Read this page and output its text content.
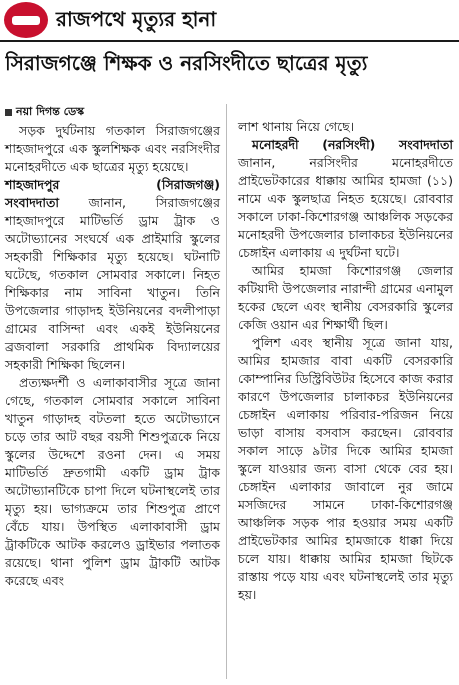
রাজপথে মৃত্যুর হানা
সিরাজগঞ্জে শিক্ষক ও নরসিংদীতে ছাত্রের মৃত্যু
নয়া দিগন্ত ডেস্ক

সড়ক দুর্ঘটনায় গতকাল সিরাজগঞ্জের শাহজাদপুরে এক স্কুলশিক্ষক এবং নরসিংদীর মনোহরদীতে এক ছাত্রের মৃত্যু হয়েছে।

শাহজাদপুর	(সিরাজগঞ্জ)

সংবাদদাতা জানান, সিরাজগঞ্জের শাহজাদপুরে মাটিভর্তি ড্রাম ট্রাক ও অটোভ্যানের সংঘর্ষে এক প্রাইমারি স্কুলের সহকারী শিক্ষিকার মৃত্যু হয়েছে। ঘটনাটি ঘটেছে, গতকাল সোমবার সকালে। নিহত শিক্ষিকার নাম সাবিনা খাতুন। তিনি উপজেলার গাড়াদহ ইউনিয়নের বদলীপাড়া গ্রামের বাসিন্দা এবং একই ইউনিয়নের ব্রজবালা সরকারি প্রাথমিক বিদ্যালয়ের সহকারী শিক্ষিকা ছিলেন।

প্রত্যক্ষদর্শী ও এলাকাবাসীর সূত্রে জানা গেছে, গতকাল সোমবার সকালে সাবিনা খাতুন গাড়াদহ বটতলা হতে অটোভ্যানে চড়ে তার আট বছর বয়সী শিশুপুত্রকে নিয়ে স্কুলের উদ্দেশে রওনা দেন। এ সময় মাটিভর্তি দ্রুতগামী একটি ড্রাম ট্রাক অটোভ্যানটিকে চাপা দিলে ঘটনাস্থলেই তার মৃত্যু হয়। ভাগ্যক্রমে তার শিশুপুত্র প্রাণে বেঁচে যায়। উপস্থিত এলাকাবাসী ড্রাম ট্রাকটিকে আটক করলেও ড্রাইভার পলাতক রয়েছে। থানা পুলিশ ড্রাম ট্রাকটি আটক করেছে এবং

লাশ থানায় নিয়ে গেছে।

মনোহরদী (নরসিংদী) সংবাদদাতা জানান, নরসিংদীর মনোহরদীতে প্রাইভেটকারের ধাক্কায় আমির হামজা (১১) নামে এক স্কুলছাত্র নিহত হয়েছে। রোববার সকালে ঢাকা-কিশোরগঞ্জ আঞ্চলিক সড়কের মনোহরদী উপজেলার চালাকচর ইউনিয়নের চেঙ্গাইন এলাকায় এ দুর্ঘটনা ঘটে।

আমির হামজা কিশোরগঞ্জ জেলার কটিয়াদী উপজেলার নারান্দী গ্রামের এনামুল হকের ছেলে এবং স্থানীয় বেসরকারি স্কুলের কেজি ওয়ান এর শিক্ষার্থী ছিল।

পুলিশ এবং স্থানীয় সূত্রে জানা যায়, আমির হামজার বাবা একটি বেসরকারি কোম্পানির ডিস্ট্রিবিউটর হিসেবে কাজ করার কারণে উপজেলার চালাকচর ইউনিয়নের চেঙ্গাইন এলাকায় পরিবার-পরিজন নিয়ে ভাড়া বাসায় বসবাস করছেন। রোববার সকাল সাড়ে ৯টার দিকে আমির হামজা স্কুলে যাওয়ার জন্য বাসা থেকে বের হয়। চেঙ্গাইন এলাকার জাবালে নুর জামে মসজিদের সামনে ঢাকা-কিশোরগঞ্জ আঞ্চলিক সড়ক পার হওয়ার সময় একটি প্রাইভেটকার আমির হামজাকে ধাক্কা দিয়ে চলে যায়। ধাক্কায় আমির হামজা ছিটকে রাস্তায় পড়ে যায় এবং ঘটনাস্থলেই তার মৃত্যু হয়।
